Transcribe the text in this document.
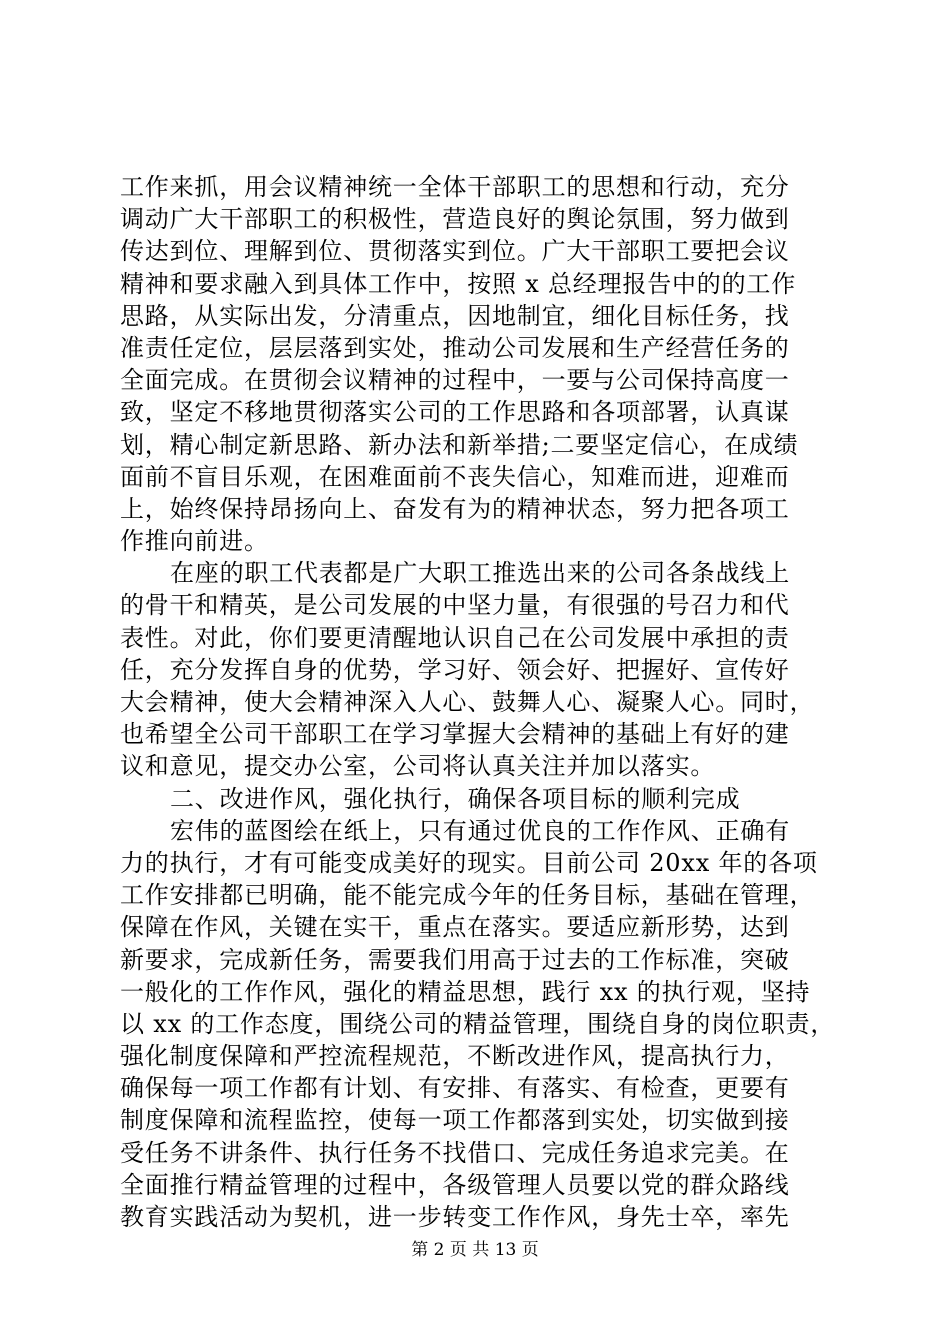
工作来抓，用会议精神统一全体干部职工的思想和行动，充分
调动广大干部职工的积极性，营造良好的舆论氛围，努力做到
传达到位、理解到位、贯彻落实到位。广大干部职工要把会议
精神和要求融入到具体工作中，按照 x 总经理报告中的的工作
思路，从实际出发，分清重点，因地制宜，细化目标任务，找
准责任定位，层层落到实处，推动公司发展和生产经营任务的
全面完成。在贯彻会议精神的过程中，一要与公司保持高度一
致，坚定不移地贯彻落实公司的工作思路和各项部署，认真谋
划，精心制定新思路、新办法和新举措;二要坚定信心，在成绩
面前不盲目乐观，在困难面前不丧失信心，知难而进，迎难而
上，始终保持昂扬向上、奋发有为的精神状态，努力把各项工
作推向前进。
在座的职工代表都是广大职工推选出来的公司各条战线上
的骨干和精英，是公司发展的中坚力量，有很强的号召力和代
表性。对此，你们要更清醒地认识自己在公司发展中承担的责
任，充分发挥自身的优势，学习好、领会好、把握好、宣传好
大会精神，使大会精神深入人心、鼓舞人心、凝聚人心。同时，
也希望全公司干部职工在学习掌握大会精神的基础上有好的建
议和意见，提交办公室，公司将认真关注并加以落实。
二、改进作风，强化执行，确保各项目标的顺利完成
宏伟的蓝图绘在纸上，只有通过优良的工作作风、正确有
力的执行，才有可能变成美好的现实。目前公司 20xx 年的各项
工作安排都已明确，能不能完成今年的任务目标，基础在管理，
保障在作风，关键在实干，重点在落实。要适应新形势，达到
新要求，完成新任务，需要我们用高于过去的工作标准，突破
一般化的工作作风，强化的精益思想，践行 xx 的执行观，坚持
以 xx 的工作态度，围绕公司的精益管理，围绕自身的岗位职责，
强化制度保障和严控流程规范，不断改进作风，提高执行力，
确保每一项工作都有计划、有安排、有落实、有检查，更要有
制度保障和流程监控，使每一项工作都落到实处，切实做到接
受任务不讲条件、执行任务不找借口、完成任务追求完美。在
全面推行精益管理的过程中，各级管理人员要以党的群众路线
教育实践活动为契机，进一步转变工作作风，身先士卒，率先
第 2 页 共 13 页
